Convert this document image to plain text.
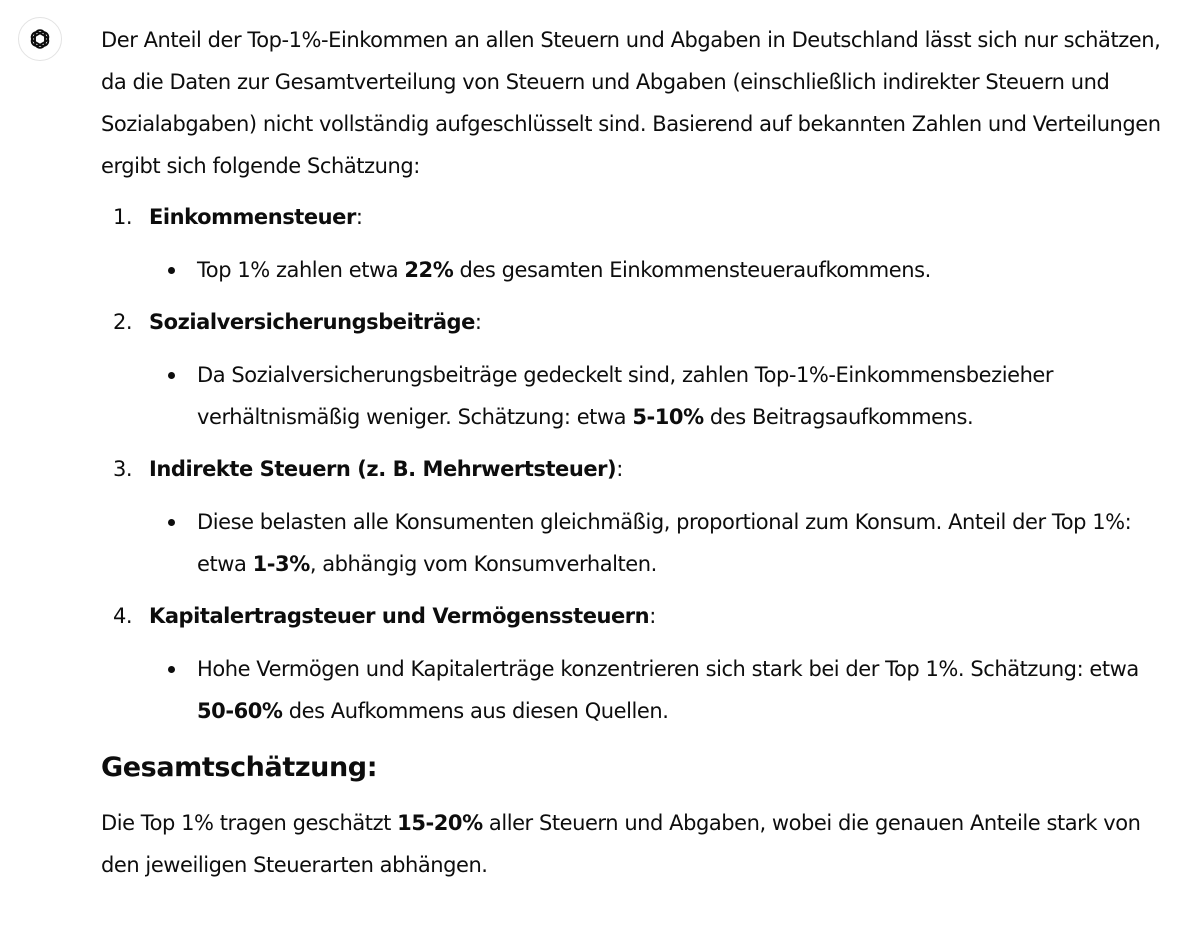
Der Anteil der Top-1%-Einkommen an allen Steuern und Abgaben in Deutschland lässt sich nur schätzen, da die Daten zur Gesamtverteilung von Steuern und Abgaben (einschließlich indirekter Steuern und Sozialabgaben) nicht vollständig aufgeschlüsselt sind. Basierend auf bekannten Zahlen und Verteilungen ergibt sich folgende Schätzung:

1. Einkommensteuer:
Top 1% zahlen etwa 22% des gesamten Einkommensteueraufkommens.
2. Sozialversicherungsbeiträge:
Da Sozialversicherungsbeiträge gedeckelt sind, zahlen Top-1%-Einkommensbezieher verhältnismäßig weniger. Schätzung: etwa 5-10% des Beitragsaufkommens.
3. Indirekte Steuern (z. B. Mehrwertsteuer):
Diese belasten alle Konsumenten gleichmäßig, proportional zum Konsum. Anteil der Top 1%: etwa 1-3%, abhängig vom Konsumverhalten.
4. Kapitalertragsteuer und Vermögenssteuern:
Hohe Vermögen und Kapitalerträge konzentrieren sich stark bei der Top 1%. Schätzung: etwa 50-60% des Aufkommens aus diesen Quellen.
Gesamtschätzung:

Die Top 1% tragen geschätzt 15-20% aller Steuern und Abgaben, wobei die genauen Anteile stark von den jeweiligen Steuerarten abhängen.
